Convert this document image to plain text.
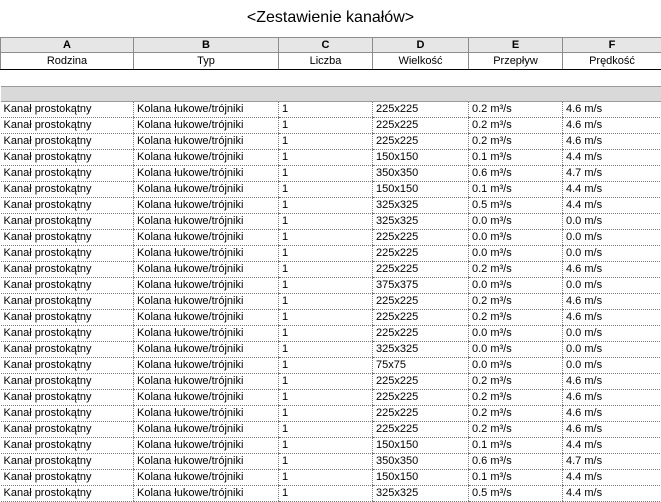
<Zestawienie kanałów>
A	B	C	D	E	F
Rodzina	Typ	Liczba	Wielkość	Przepływ	Prędkość

Kanał prostokątny	Kolana łukowe/trójniki	1	225x225	0.2 m³/s	4.6 m/s
Kanał prostokątny	Kolana łukowe/trójniki	1	225x225	0.2 m³/s	4.6 m/s
Kanał prostokątny	Kolana łukowe/trójniki	1	225x225	0.2 m³/s	4.6 m/s
Kanał prostokątny	Kolana łukowe/trójniki	1	150x150	0.1 m³/s	4.4 m/s
Kanał prostokątny	Kolana łukowe/trójniki	1	350x350	0.6 m³/s	4.7 m/s
Kanał prostokątny	Kolana łukowe/trójniki	1	150x150	0.1 m³/s	4.4 m/s
Kanał prostokątny	Kolana łukowe/trójniki	1	325x325	0.5 m³/s	4.4 m/s
Kanał prostokątny	Kolana łukowe/trójniki	1	325x325	0.0 m³/s	0.0 m/s
Kanał prostokątny	Kolana łukowe/trójniki	1	225x225	0.0 m³/s	0.0 m/s
Kanał prostokątny	Kolana łukowe/trójniki	1	225x225	0.0 m³/s	0.0 m/s
Kanał prostokątny	Kolana łukowe/trójniki	1	225x225	0.2 m³/s	4.6 m/s
Kanał prostokątny	Kolana łukowe/trójniki	1	375x375	0.0 m³/s	0.0 m/s
Kanał prostokątny	Kolana łukowe/trójniki	1	225x225	0.2 m³/s	4.6 m/s
Kanał prostokątny	Kolana łukowe/trójniki	1	225x225	0.2 m³/s	4.6 m/s
Kanał prostokątny	Kolana łukowe/trójniki	1	225x225	0.0 m³/s	0.0 m/s
Kanał prostokątny	Kolana łukowe/trójniki	1	325x325	0.0 m³/s	0.0 m/s
Kanał prostokątny	Kolana łukowe/trójniki	1	75x75	0.0 m³/s	0.0 m/s
Kanał prostokątny	Kolana łukowe/trójniki	1	225x225	0.2 m³/s	4.6 m/s
Kanał prostokątny	Kolana łukowe/trójniki	1	225x225	0.2 m³/s	4.6 m/s
Kanał prostokątny	Kolana łukowe/trójniki	1	225x225	0.2 m³/s	4.6 m/s
Kanał prostokątny	Kolana łukowe/trójniki	1	225x225	0.2 m³/s	4.6 m/s
Kanał prostokątny	Kolana łukowe/trójniki	1	150x150	0.1 m³/s	4.4 m/s
Kanał prostokątny	Kolana łukowe/trójniki	1	350x350	0.6 m³/s	4.7 m/s
Kanał prostokątny	Kolana łukowe/trójniki	1	150x150	0.1 m³/s	4.4 m/s
Kanał prostokątny	Kolana łukowe/trójniki	1	325x325	0.5 m³/s	4.4 m/s
